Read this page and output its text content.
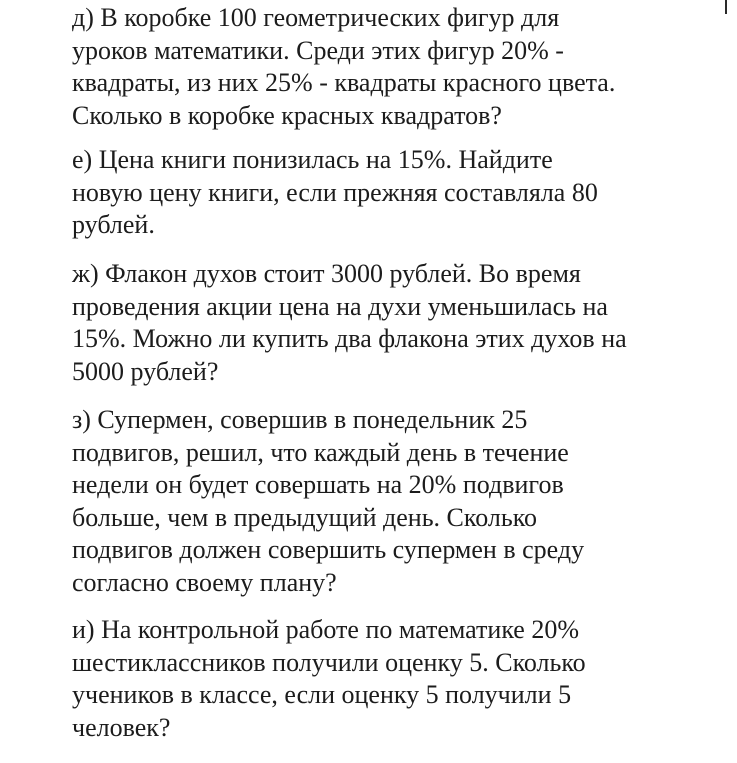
д) В коробке 100 геометрических фигур для
уроков математики. Среди этих фигур 20% -
квадраты, из них 25% - квадраты красного цвета.
Сколько в коробке красных квадратов?

е) Цена книги понизилась на 15%. Найдите
новую цену книги, если прежняя составляла 80
рублей.

ж) Флакон духов стоит 3000 рублей. Во время
проведения акции цена на духи уменьшилась на
15%. Можно ли купить два флакона этих духов на
5000 рублей?

з) Супермен, совершив в понедельник 25
подвигов, решил, что каждый день в течение
недели он будет совершать на 20% подвигов
больше, чем в предыдущий день. Сколько
подвигов должен совершить супермен в среду
согласно своему плану?

и) На контрольной работе по математике 20%
шестиклассников получили оценку 5. Сколько
учеников в классе, если оценку 5 получили 5
человек?
